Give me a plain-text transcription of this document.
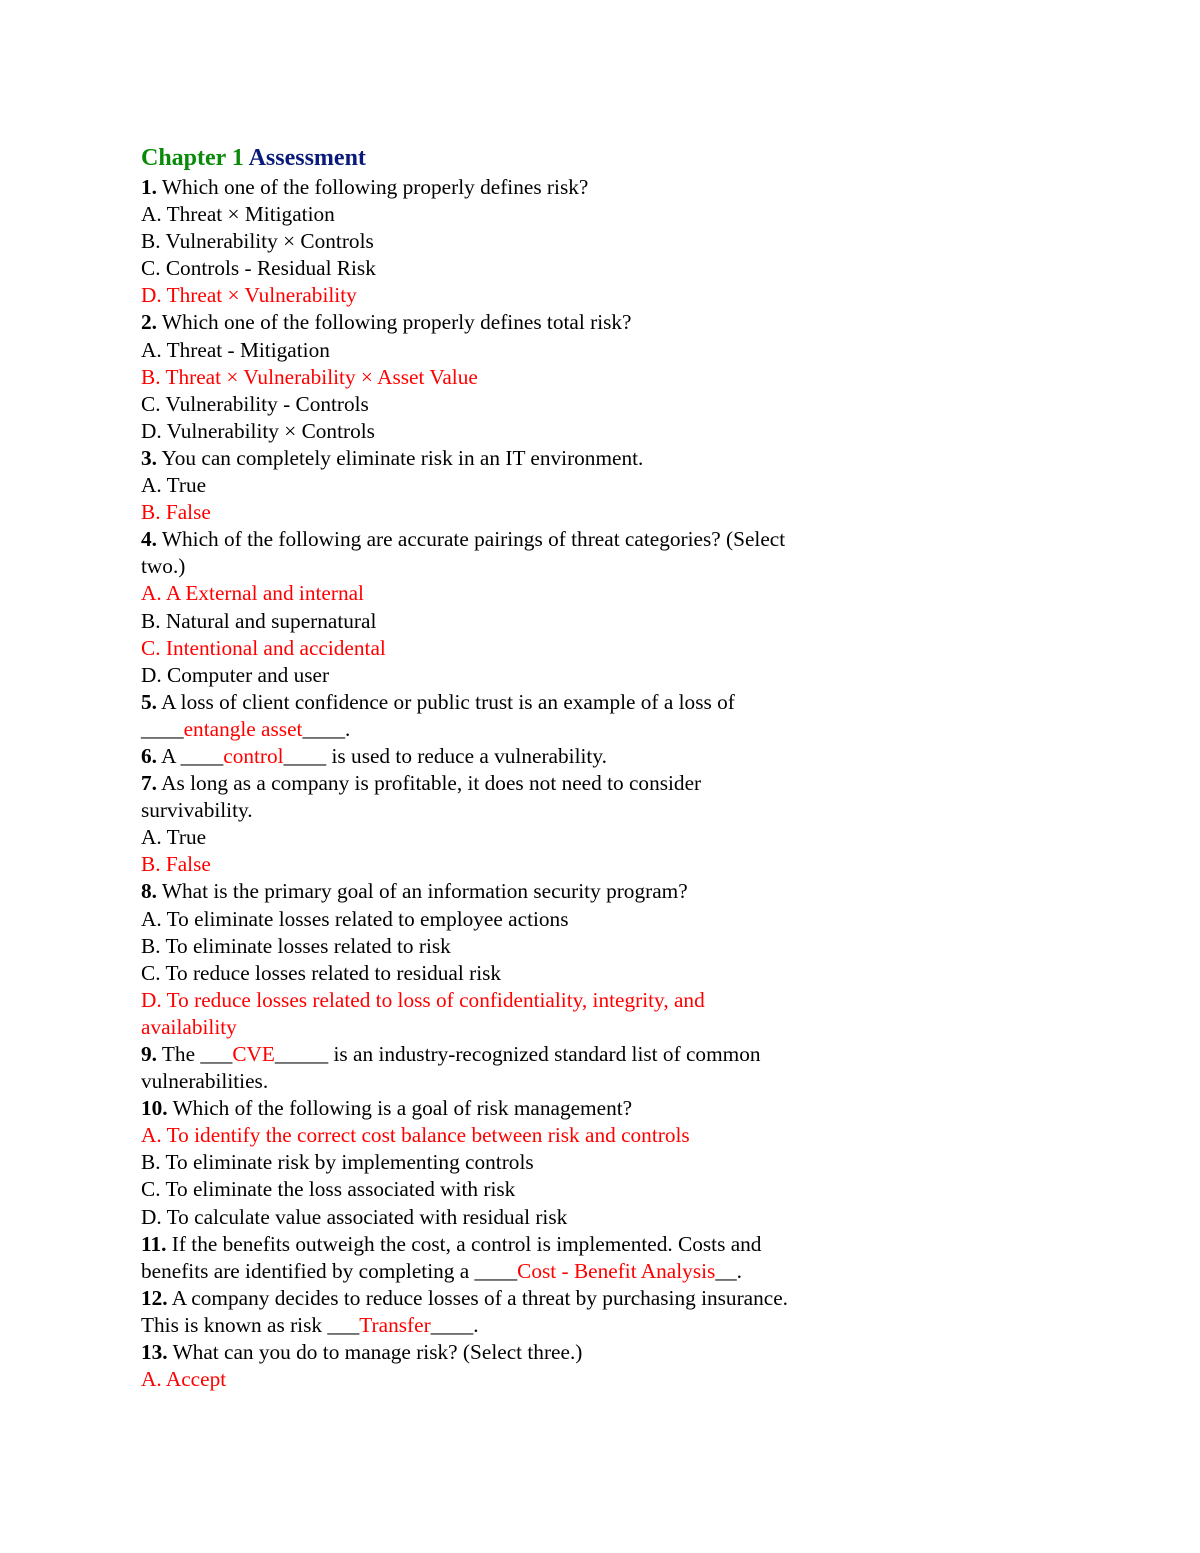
Chapter 1 Assessment
1. Which one of the following properly defines risk?
A. Threat × Mitigation
B. Vulnerability × Controls
C. Controls - Residual Risk
D. Threat × Vulnerability
2. Which one of the following properly defines total risk?
A. Threat - Mitigation
B. Threat × Vulnerability × Asset Value
C. Vulnerability - Controls
D. Vulnerability × Controls
3. You can completely eliminate risk in an IT environment.
A. True
B. False
4. Which of the following are accurate pairings of threat categories? (Select
two.)
A. A External and internal
B. Natural and supernatural
C. Intentional and accidental
D. Computer and user
5. A loss of client confidence or public trust is an example of a loss of
____entangle asset____.
6. A ____control____ is used to reduce a vulnerability.
7. As long as a company is profitable, it does not need to consider
survivability.
A. True
B. False
8. What is the primary goal of an information security program?
A. To eliminate losses related to employee actions
B. To eliminate losses related to risk
C. To reduce losses related to residual risk
D. To reduce losses related to loss of confidentiality, integrity, and
availability
9. The ___CVE_____ is an industry-recognized standard list of common
vulnerabilities.
10. Which of the following is a goal of risk management?
A. To identify the correct cost balance between risk and controls
B. To eliminate risk by implementing controls
C. To eliminate the loss associated with risk
D. To calculate value associated with residual risk
11. If the benefits outweigh the cost, a control is implemented. Costs and
benefits are identified by completing a ____Cost - Benefit Analysis__.
12. A company decides to reduce losses of a threat by purchasing insurance.
This is known as risk ___Transfer____.
13. What can you do to manage risk? (Select three.)
A. Accept
